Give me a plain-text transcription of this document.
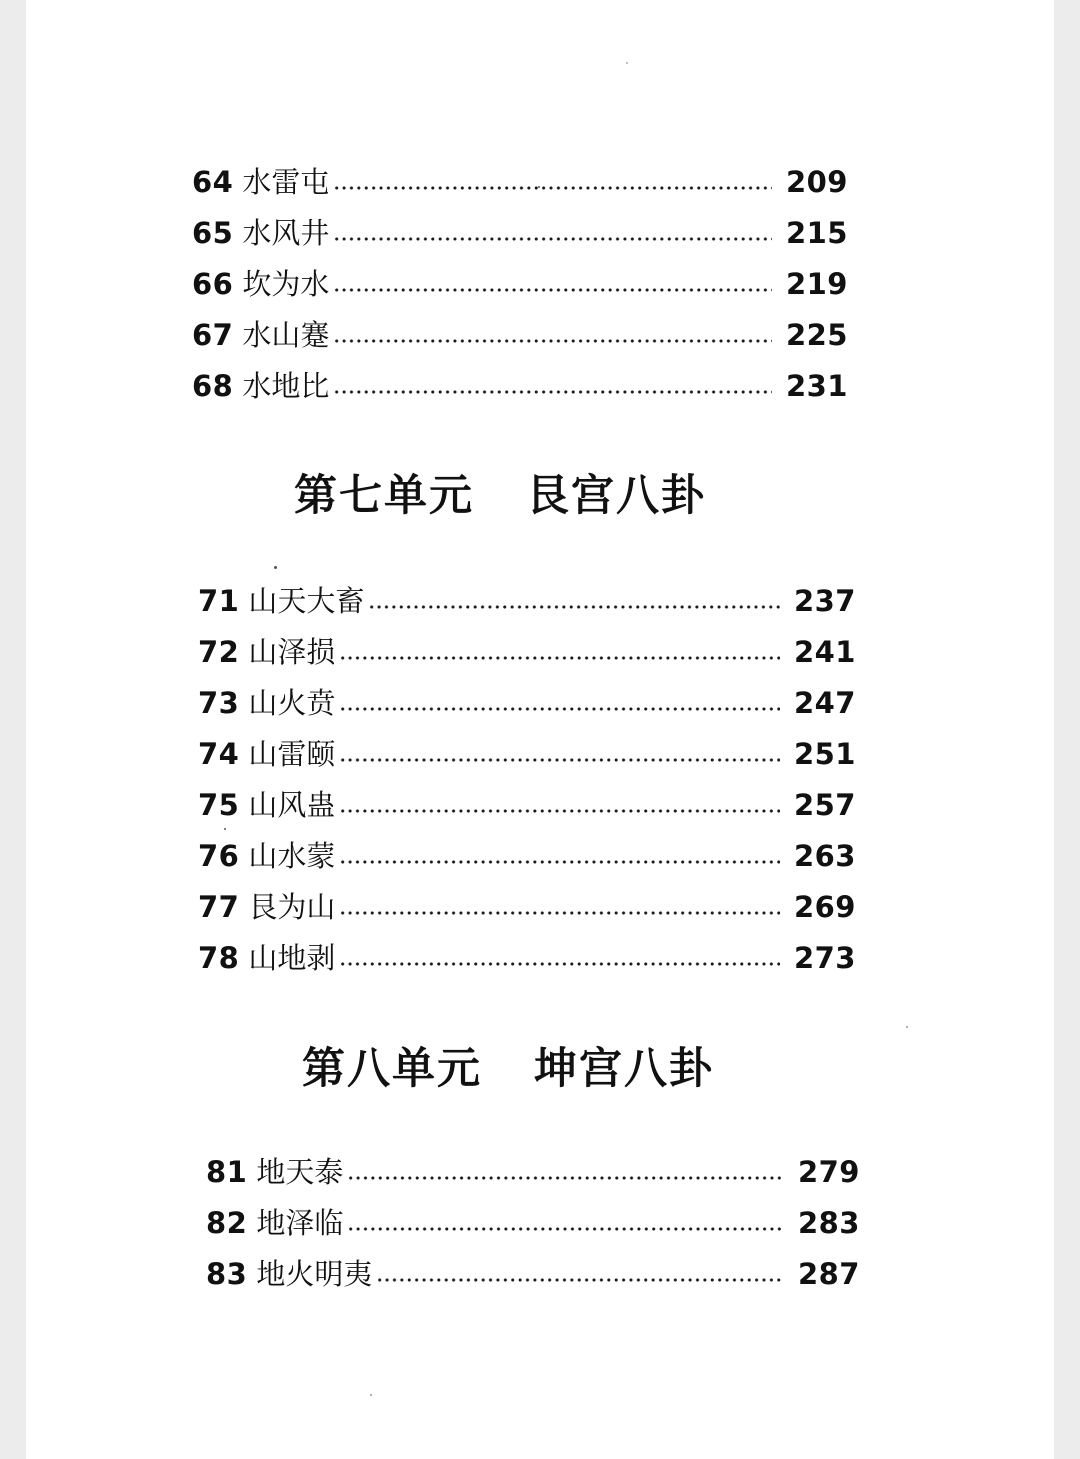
64 水雷屯	209
65 水风井	215
66 坎为水	219
67 水山蹇	225
68 水地比	231
第七单元 艮宫八卦
71 山天大畜	237
72 山泽损	241
73 山火贲	247
74 山雷颐	251
75 山风蛊	257
76 山水蒙	263
77 艮为山	269
78 山地剥	273
第八单元 坤宫八卦
81 地天泰	279
82 地泽临	283
83 地火明夷	287
